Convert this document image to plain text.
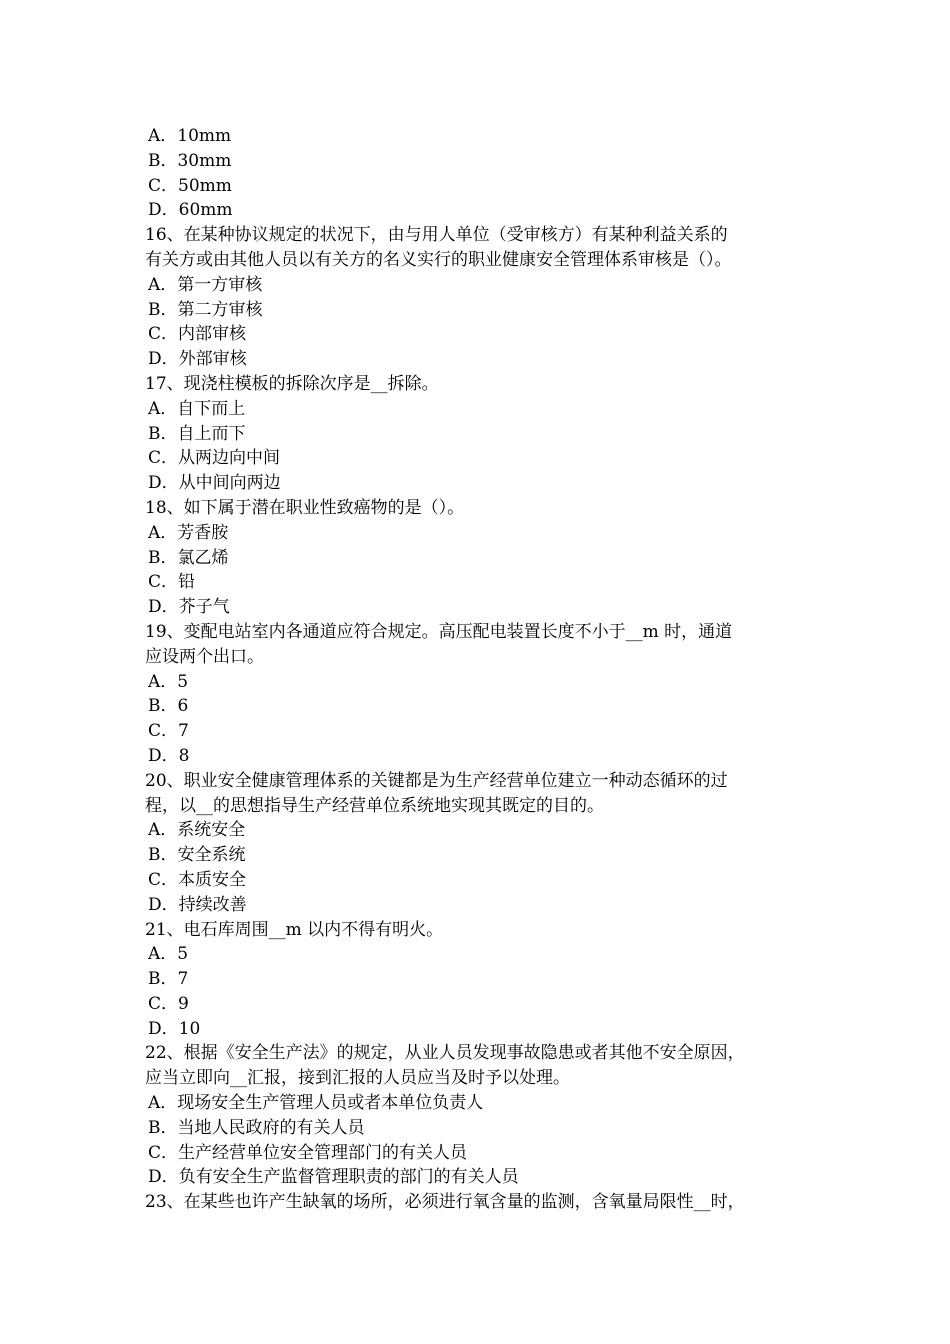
A．10mm
B．30mm
C．50mm
D．60mm
16、在某种协议规定的状况下，由与用人单位（受审核方）有某种利益关系的
有关方或由其他人员以有关方的名义实行的职业健康安全管理体系审核是（）。
A．第一方审核
B．第二方审核
C．内部审核
D．外部审核
17、现浇柱模板的拆除次序是__拆除。
A．自下而上
B．自上而下
C．从两边向中间
D．从中间向两边
18、如下属于潜在职业性致癌物的是（）。
A．芳香胺
B．氯乙烯
C．铅
D．芥子气
19、变配电站室内各通道应符合规定。高压配电装置长度不小于__m 时，通道
应设两个出口。
A．5
B．6
C．7
D．8
20、职业安全健康管理体系的关键都是为生产经营单位建立一种动态循环的过
程，以__的思想指导生产经营单位系统地实现其既定的目的。
A．系统安全
B．安全系统
C．本质安全
D．持续改善
21、电石库周围__m 以内不得有明火。
A．5
B．7
C．9
D．10
22、根据《安全生产法》的规定，从业人员发现事故隐患或者其他不安全原因，
应当立即向__汇报，接到汇报的人员应当及时予以处理。
A．现场安全生产管理人员或者本单位负责人
B．当地人民政府的有关人员
C．生产经营单位安全管理部门的有关人员
D．负有安全生产监督管理职责的部门的有关人员
23、在某些也许产生缺氧的场所，必须进行氧含量的监测，含氧量局限性__时，
